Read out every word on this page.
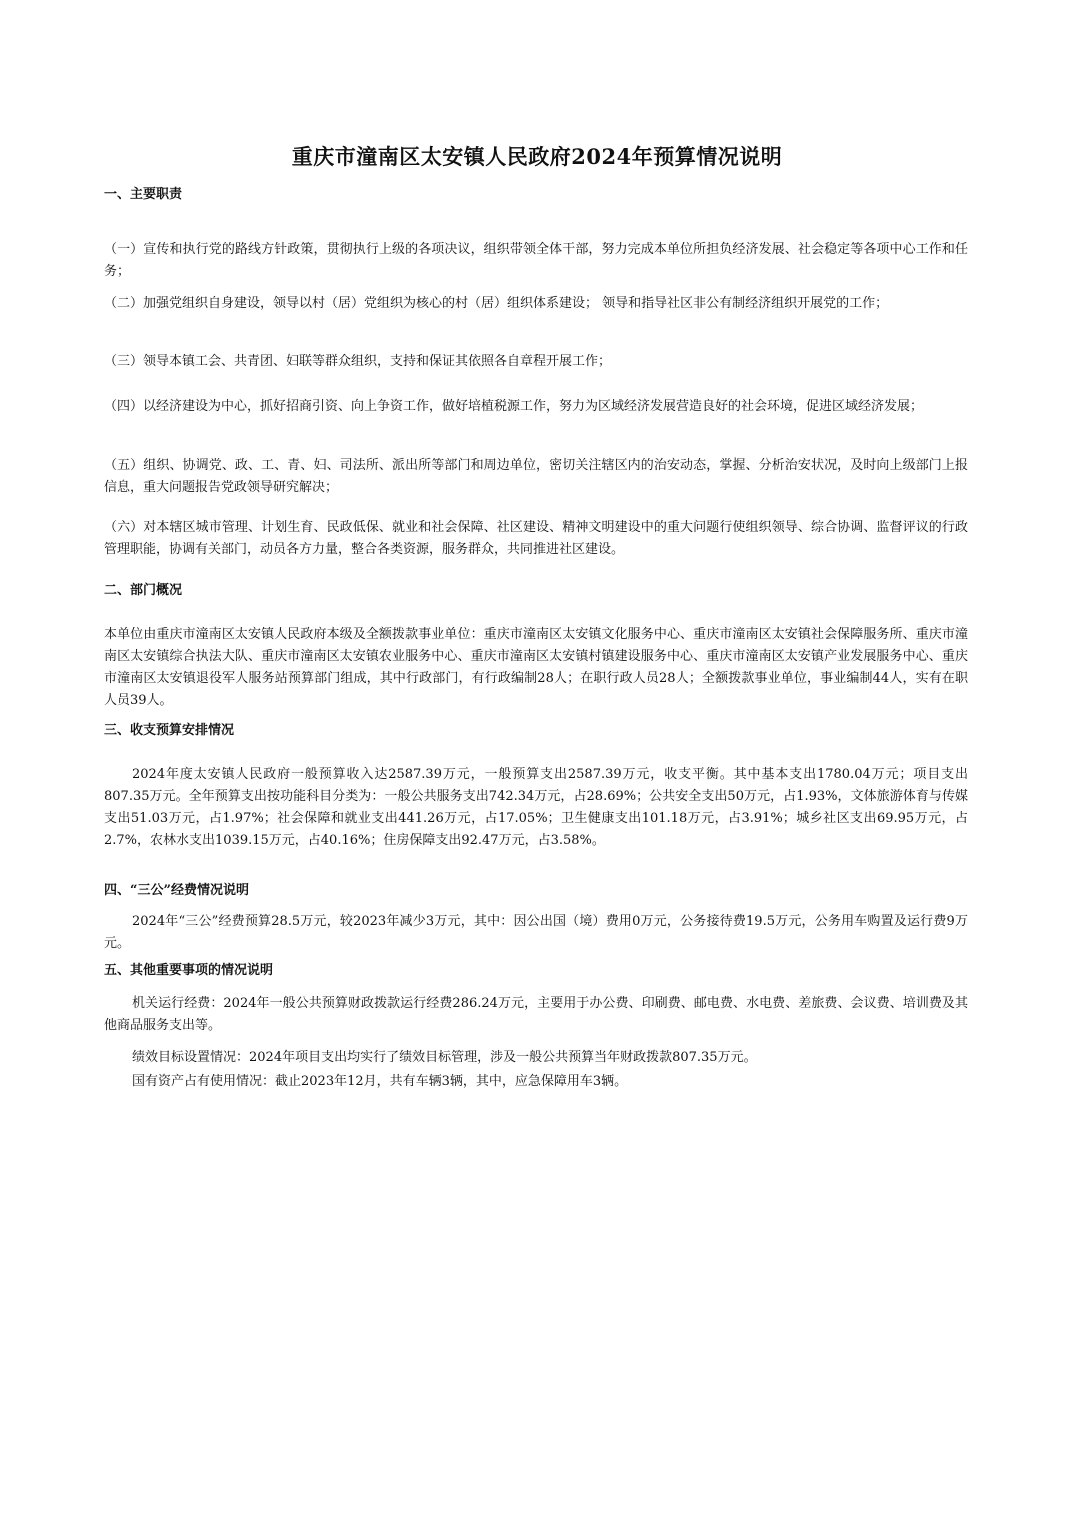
重庆市潼南区太安镇人民政府2024年预算情况说明
一、主要职责
（一）宣传和执行党的路线方针政策，贯彻执行上级的各项决议，组织带领全体干部，努力完成本单位所担负经济发展、社会稳定等各项中心工作和任务；
（二）加强党组织自身建设，领导以村（居）党组织为核心的村（居）组织体系建设； 领导和指导社区非公有制经济组织开展党的工作；
（三）领导本镇工会、共青团、妇联等群众组织，支持和保证其依照各自章程开展工作；
（四）以经济建设为中心，抓好招商引资、向上争资工作，做好培植税源工作，努力为区域经济发展营造良好的社会环境，促进区域经济发展；
（五）组织、协调党、政、工、青、妇、司法所、派出所等部门和周边单位，密切关注辖区内的治安动态，掌握、分析治安状况，及时向上级部门上报信息，重大问题报告党政领导研究解决；
（六）对本辖区城市管理、计划生育、民政低保、就业和社会保障、社区建设、精神文明建设中的重大问题行使组织领导、综合协调、监督评议的行政管理职能，协调有关部门，动员各方力量，整合各类资源，服务群众，共同推进社区建设。
二、部门概况
本单位由重庆市潼南区太安镇人民政府本级及全额拨款事业单位：重庆市潼南区太安镇文化服务中心、重庆市潼南区太安镇社会保障服务所、重庆市潼南区太安镇综合执法大队、重庆市潼南区太安镇农业服务中心、重庆市潼南区太安镇村镇建设服务中心、重庆市潼南区太安镇产业发展服务中心、重庆市潼南区太安镇退役军人服务站预算部门组成，其中行政部门，有行政编制28人；在职行政人员28人；全额拨款事业单位，事业编制44人，实有在职人员39人。
三、收支预算安排情况
2024年度太安镇人民政府一般预算收入达2587.39万元，一般预算支出2587.39万元，收支平衡。其中基本支出1780.04万元；项目支出807.35万元。全年预算支出按功能科目分类为：一般公共服务支出742.34万元，占28.69%；公共安全支出50万元，占1.93%，文体旅游体育与传媒支出51.03万元，占1.97%；社会保障和就业支出441.26万元，占17.05%；卫生健康支出101.18万元，占3.91%；城乡社区支出69.95万元，占2.7%，农林水支出1039.15万元，占40.16%；住房保障支出92.47万元，占3.58%。
四、“三公”经费情况说明
2024年“三公”经费预算28.5万元，较2023年减少3万元，其中：因公出国（境）费用0万元，公务接待费19.5万元，公务用车购置及运行费9万元。
五、其他重要事项的情况说明
机关运行经费：2024年一般公共预算财政拨款运行经费286.24万元，主要用于办公费、印刷费、邮电费、水电费、差旅费、会议费、培训费及其他商品服务支出等。
绩效目标设置情况：2024年项目支出均实行了绩效目标管理，涉及一般公共预算当年财政拨款807.35万元。
国有资产占有使用情况：截止2023年12月，共有车辆3辆，其中，应急保障用车3辆。
